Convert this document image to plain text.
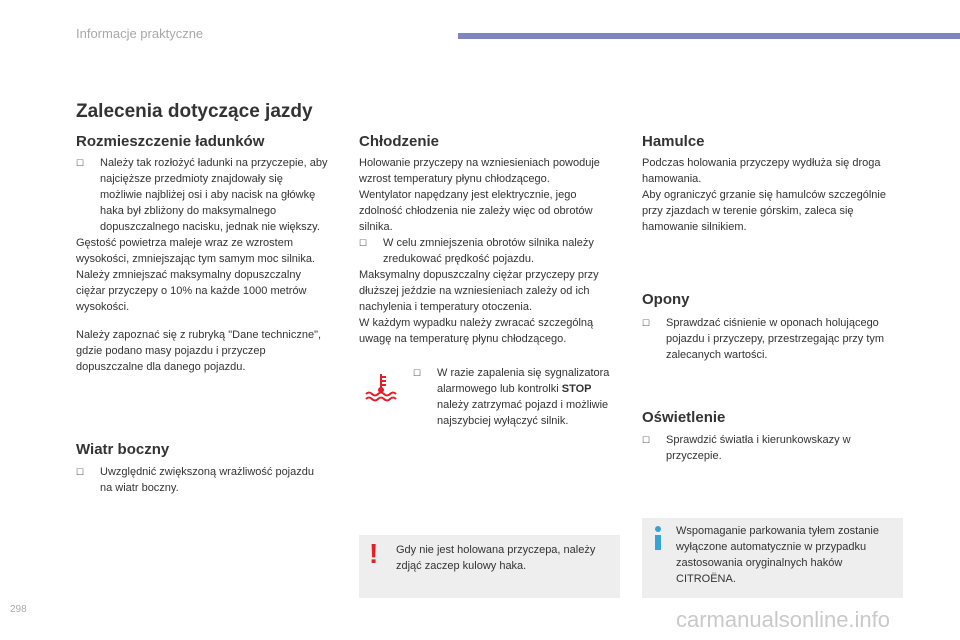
Informacje praktyczne
Zalecenia dotyczące jazdy
Rozmieszczenie ładunków

☐ Należy tak rozłożyć ładunki na przyczepie, aby najcięższe przedmioty znajdowały się możliwie najbliżej osi i aby nacisk na główkę haka był zbliżony do maksymalnego dopuszczalnego nacisku, jednak nie większy.

Gęstość powietrza maleje wraz ze wzrostem wysokości, zmniejszając tym samym moc silnika. Należy zmniejszać maksymalny dopuszczalny ciężar przyczepy o 10% na każde 1000 metrów wysokości.

Należy zapoznać się z rubryką "Dane techniczne", gdzie podano masy pojazdu i przyczep dopuszczalne dla danego pojazdu.

Wiatr boczny

☐ Uwzględnić zwiększoną wrażliwość pojazdu na wiatr boczny.

Chłodzenie

Holowanie przyczepy na wzniesieniach powoduje wzrost temperatury płynu chłodzącego.

Wentylator napędzany jest elektrycznie, jego zdolność chłodzenia nie zależy więc od obrotów silnika.

☐ W celu zmniejszenia obrotów silnika należy zredukować prędkość pojazdu.

Maksymalny dopuszczalny ciężar przyczepy przy dłuższej jeździe na wzniesieniach zależy od ich nachylenia i temperatury otoczenia.

W każdym wypadku należy zwracać szczególną uwagę na temperaturę płynu chłodzącego.

☐ W razie zapalenia się sygnalizatora alarmowego lub kontrolki STOP należy zatrzymać pojazd i możliwie najszybciej wyłączyć silnik.

! Gdy nie jest holowana przyczepa, należy zdjąć zaczep kulowy haka.

Hamulce

Podczas holowania przyczepy wydłuża się droga hamowania.

Aby ograniczyć grzanie się hamulców szczególnie przy zjazdach w terenie górskim, zaleca się hamowanie silnikiem.

Opony

☐ Sprawdzać ciśnienie w oponach holującego pojazdu i przyczepy, przestrzegając przy tym zalecanych wartości.

Oświetlenie

☐ Sprawdzić światła i kierunkowskazy w przyczepie.

Wspomaganie parkowania tyłem zostanie wyłączone automatycznie w przypadku zastosowania oryginalnych haków CITROËNA.

298	carmanualsonline.info
